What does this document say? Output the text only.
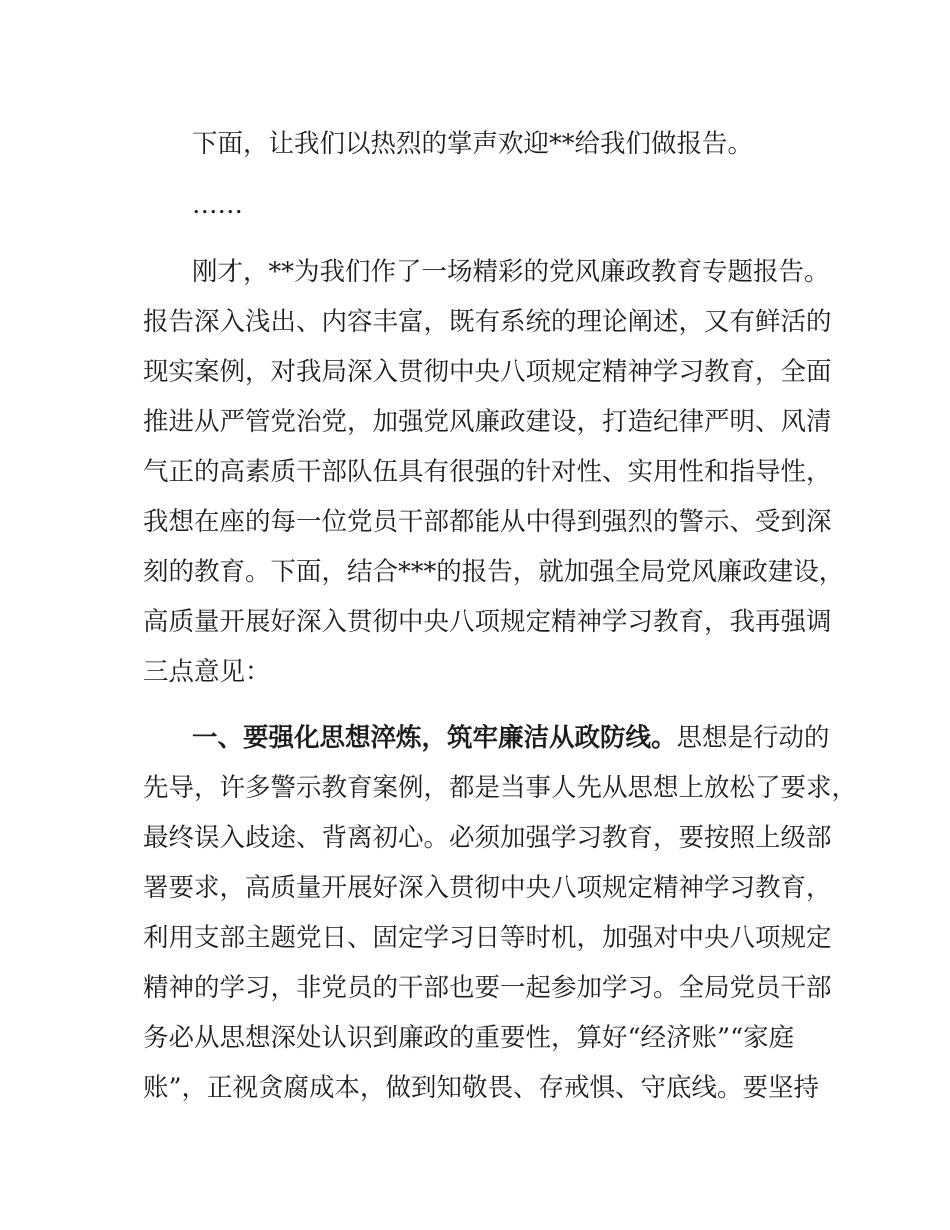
下面，让我们以热烈的掌声欢迎**给我们做报告。
……
刚才，**为我们作了一场精彩的党风廉政教育专题报告。
报告深入浅出、内容丰富，既有系统的理论阐述，又有鲜活的
现实案例，对我局深入贯彻中央八项规定精神学习教育，全面
推进从严管党治党，加强党风廉政建设，打造纪律严明、风清
气正的高素质干部队伍具有很强的针对性、实用性和指导性，
我想在座的每一位党员干部都能从中得到强烈的警示、受到深
刻的教育。下面，结合***的报告，就加强全局党风廉政建设，
高质量开展好深入贯彻中央八项规定精神学习教育，我再强调
三点意见：
一、要强化思想淬炼，筑牢廉洁从政防线。思想是行动的
先导，许多警示教育案例，都是当事人先从思想上放松了要求，
最终误入歧途、背离初心。必须加强学习教育，要按照上级部
署要求，高质量开展好深入贯彻中央八项规定精神学习教育，
利用支部主题党日、固定学习日等时机，加强对中央八项规定
精神的学习，非党员的干部也要一起参加学习。全局党员干部
务必从思想深处认识到廉政的重要性，算好“经济账”“家庭
账”，正视贪腐成本，做到知敬畏、存戒惧、守底线。要坚持
